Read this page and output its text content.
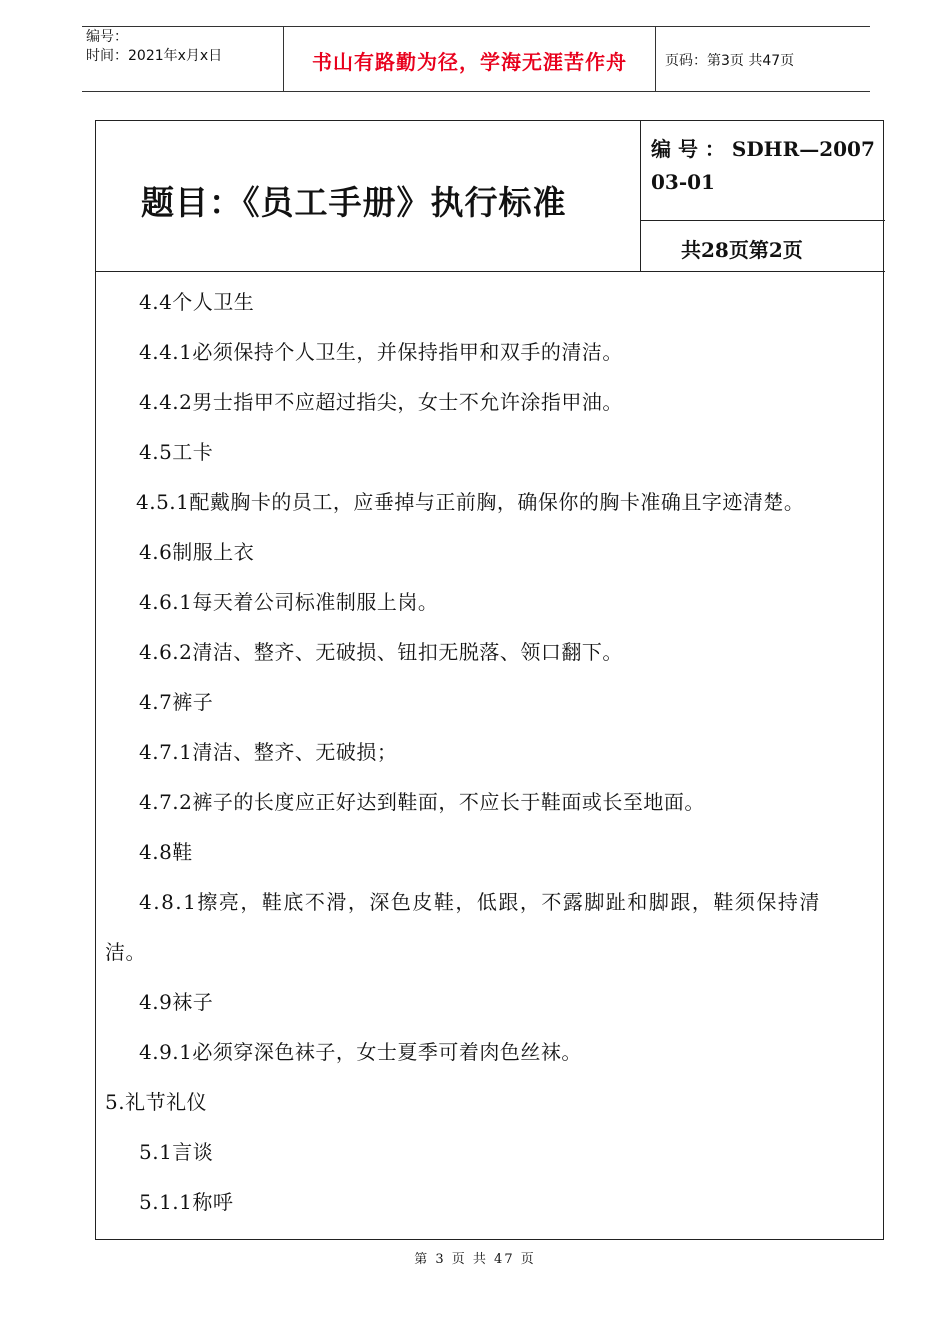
编号：
时间：2021年x月x日	书山有路勤为径，学海无涯苦作舟	页码：第3页 共47页
题目：《员工手册》执行标准
编 号 ： SDHR—200703-01
共28页第2页
4.4个人卫生
4.4.1必须保持个人卫生，并保持指甲和双手的清洁。
4.4.2男士指甲不应超过指尖，女士不允许涂指甲油。
4.5工卡
4.5.1配戴胸卡的员工，应垂掉与正前胸，确保你的胸卡准确且字迹清楚。
4.6制服上衣
4.6.1每天着公司标准制服上岗。
4.6.2清洁、整齐、无破损、钮扣无脱落、领口翻下。
4.7裤子
4.7.1清洁、整齐、无破损；
4.7.2裤子的长度应正好达到鞋面，不应长于鞋面或长至地面。
4.8鞋
4.8.1擦亮，鞋底不滑，深色皮鞋，低跟，不露脚趾和脚跟，鞋须保持清
洁。
4.9袜子
4.9.1必须穿深色袜子，女士夏季可着肉色丝袜。
5.礼节礼仪
5.1言谈
5.1.1称呼
第 3 页 共 47 页
